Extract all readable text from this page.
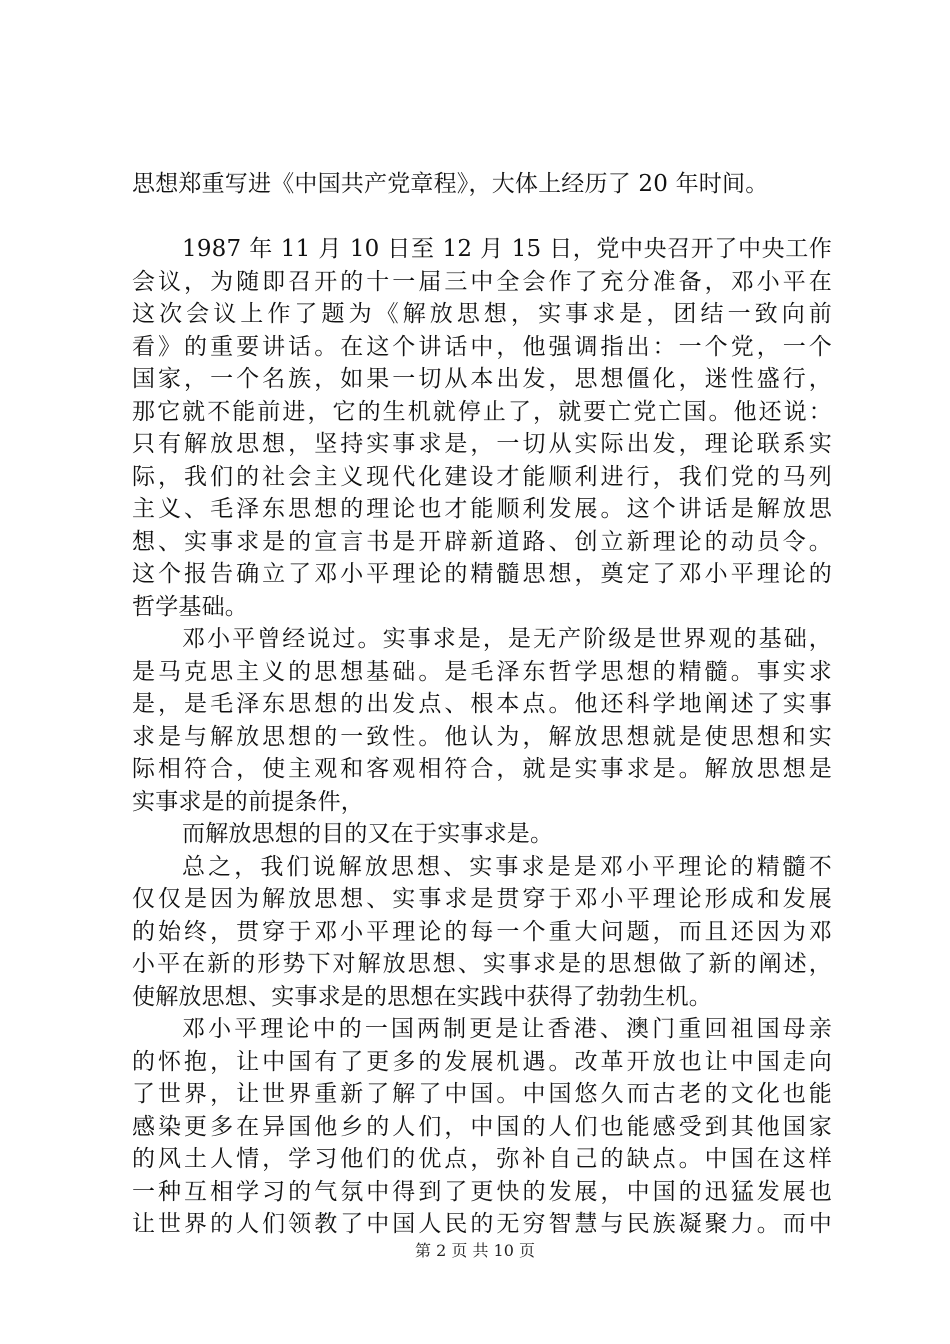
思想郑重写进《中国共产党章程》，大体上经历了 20 年时间。
1987 年 11 月 10 日至 12 月 15 日，党中央召开了中央工作
会议，为随即召开的十一届三中全会作了充分准备，邓小平在
这次会议上作了题为《解放思想，实事求是，团结一致向前
看》的重要讲话。在这个讲话中，他强调指出：一个党，一个
国家，一个名族，如果一切从本出发，思想僵化，迷性盛行，
那它就不能前进，它的生机就停止了，就要亡党亡国。他还说：
只有解放思想，坚持实事求是，一切从实际出发，理论联系实
际，我们的社会主义现代化建设才能顺利进行，我们党的马列
主义、毛泽东思想的理论也才能顺利发展。这个讲话是解放思
想、实事求是的宣言书是开辟新道路、创立新理论的动员令。
这个报告确立了邓小平理论的精髓思想，奠定了邓小平理论的
哲学基础。
邓小平曾经说过。实事求是，是无产阶级是世界观的基础，
是马克思主义的思想基础。是毛泽东哲学思想的精髓。事实求
是，是毛泽东思想的出发点、根本点。他还科学地阐述了实事
求是与解放思想的一致性。他认为，解放思想就是使思想和实
际相符合，使主观和客观相符合，就是实事求是。解放思想是
实事求是的前提条件，
而解放思想的目的又在于实事求是。
总之，我们说解放思想、实事求是是邓小平理论的精髓不
仅仅是因为解放思想、实事求是贯穿于邓小平理论形成和发展
的始终，贯穿于邓小平理论的每一个重大问题，而且还因为邓
小平在新的形势下对解放思想、实事求是的思想做了新的阐述，
使解放思想、实事求是的思想在实践中获得了勃勃生机。
邓小平理论中的一国两制更是让香港、澳门重回祖国母亲
的怀抱，让中国有了更多的发展机遇。改革开放也让中国走向
了世界，让世界重新了解了中国。中国悠久而古老的文化也能
感染更多在异国他乡的人们，中国的人们也能感受到其他国家
的风土人情，学习他们的优点，弥补自己的缺点。中国在这样
一种互相学习的气氛中得到了更快的发展，中国的迅猛发展也
让世界的人们领教了中国人民的无穷智慧与民族凝聚力。而中
第 2 页 共 10 页
